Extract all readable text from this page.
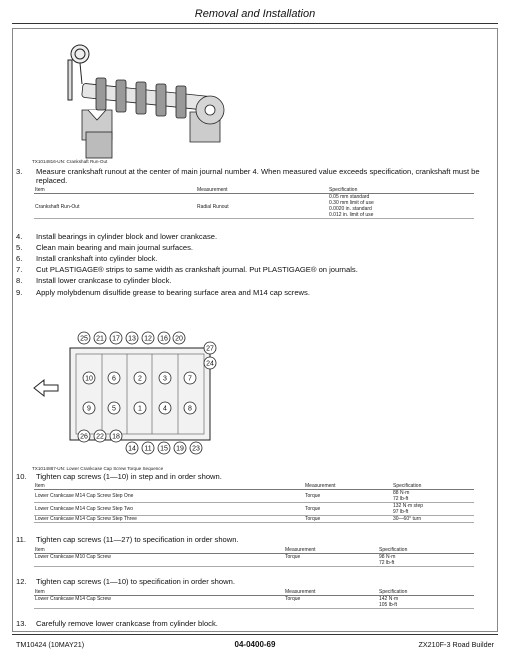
Removal and Installation
TX1014816-UN: Crankshaft Run-Out
3. Measure crankshaft runout at the center of main journal number 4. When measured value exceeds specification, crankshaft must be
replaced.
Item	Measurement	Specification
Crankshaft Run-Out	Radial Runout	0.05 mm standard
0.30 mm limit of use
0.0020 in. standard
0.012 in. limit of use
4. Install bearings in cylinder block and lower crankcase.
5. Clean main bearing and main journal surfaces.
6. Install crankshaft into cylinder block.
7. Cut PLASTIGAGE® strips to same width as crankshaft journal. Put PLASTIGAGE® on journals.
8. Install lower crankcase to cylinder block.
9. Apply molybdenum disulfide grease to bearing surface area and M14 cap screws.
25 21 17 13 12 16 20
27
24
10	6	2	3	7
9	5	1	4	8
26 22 18
14 11 15 19 23
TX1014887-UN: Lower Crankcase Cap Screw Torque Sequence
10. Tighten cap screws (1—10) in step and in order shown.
Item	Measurement	Specification
Lower Crankcase M14 Cap Screw Step One	Torque	88 N·m
72 lb-ft

Lower Crankcase M14 Cap Screw Step Two	Torque	132 N·m step
97 lb-ft

Lower Crankcase M14 Cap Screw Step Three	Torque	30—60° turn
11. Tighten cap screws (11—27) to specification in order shown.
Item	Measurement	Specification
Lower Crankcase M10 Cap Screw	Torque	98 N·m
72 lb-ft
12. Tighten cap screws (1—10) to specification in order shown.
Item	Measurement	Specification
Lower Crankcase M14 Cap Screw	Torque	142 N·m
105 lb-ft
13. Carefully remove lower crankcase from cylinder block.
TM10424 (10MAY21)	04-0400-69	ZX210F-3 Road Builder
